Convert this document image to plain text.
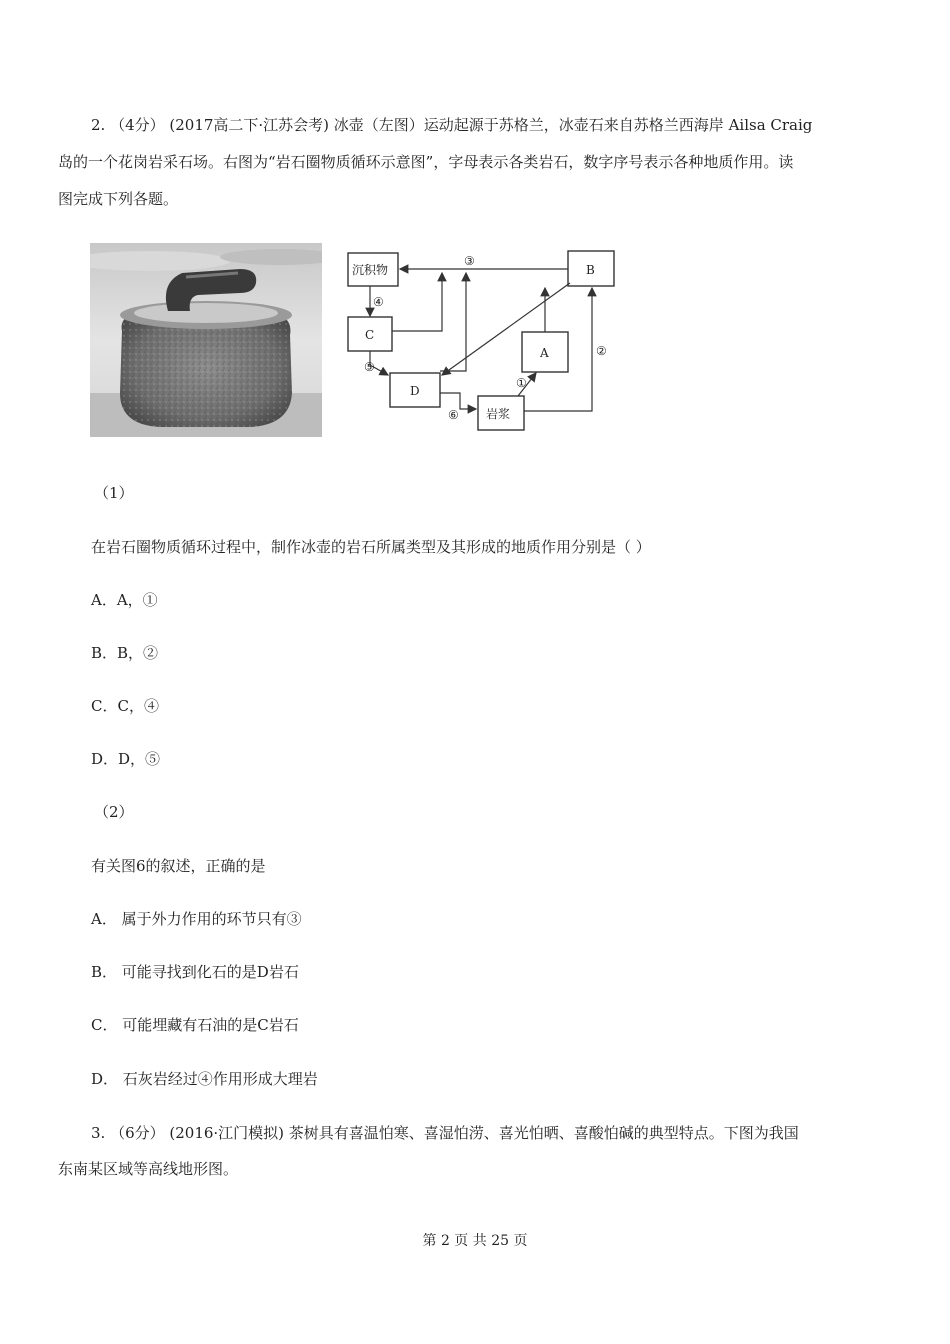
2. （4分） (2017高二下·江苏会考) 冰壶（左图）运动起源于苏格兰，冰壶石来自苏格兰西海岸 Ailsa Craig

岛的一个花岗岩采石场。右图为“岩石圈物质循环示意图”，字母表示各类岩石，数字序号表示各种地质作用。读

图完成下列各题。

沉积物	B
C
A
D
岩浆
③
④
⑤
⑥
①
②

（1）

在岩石圈物质循环过程中，制作冰壶的岩石所属类型及其形成的地质作用分别是（ ）

A．A，①

B．B，②

C．C，④

D．D，⑤

（2）

有关图6的叙述，正确的是

A． 属于外力作用的环节只有③

B． 可能寻找到化石的是D岩石

C． 可能埋藏有石油的是C岩石

D． 石灰岩经过④作用形成大理岩

3. （6分） (2016·江门模拟) 茶树具有喜温怕寒、喜湿怕涝、喜光怕晒、喜酸怕碱的典型特点。下图为我国

东南某区域等高线地形图。

第 2 页 共 25 页
